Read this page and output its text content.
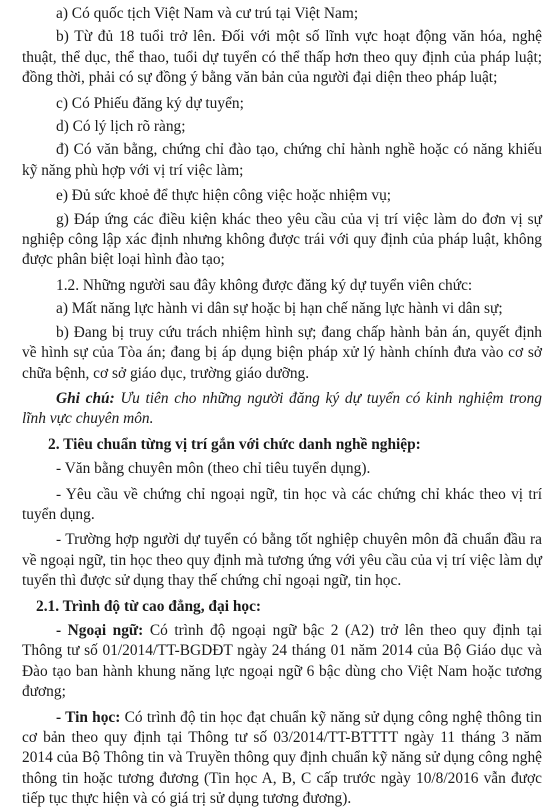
a) Có quốc tịch Việt Nam và cư trú tại Việt Nam;

b) Từ đủ 18 tuổi trở lên. Đối với một số lĩnh vực hoạt động văn hóa, nghệ thuật, thể dục, thể thao, tuổi dự tuyển có thể thấp hơn theo quy định của pháp luật; đồng thời, phải có sự đồng ý bằng văn bản của người đại diện theo pháp luật;

c) Có Phiếu đăng ký dự tuyển;

d) Có lý lịch rõ ràng;

đ) Có văn bằng, chứng chỉ đào tạo, chứng chỉ hành nghề hoặc có năng khiếu kỹ năng phù hợp với vị trí việc làm;

e) Đủ sức khoẻ để thực hiện công việc hoặc nhiệm vụ;

g) Đáp ứng các điều kiện khác theo yêu cầu của vị trí việc làm do đơn vị sự nghiệp công lập xác định nhưng không được trái với quy định của pháp luật, không được phân biệt loại hình đào tạo;

1.2. Những người sau đây không được đăng ký dự tuyển viên chức:

a) Mất năng lực hành vi dân sự hoặc bị hạn chế năng lực hành vi dân sự;

b) Đang bị truy cứu trách nhiệm hình sự; đang chấp hành bản án, quyết định về hình sự của Tòa án; đang bị áp dụng biện pháp xử lý hành chính đưa vào cơ sở chữa bệnh, cơ sở giáo dục, trường giáo dưỡng.

Ghi chú: Ưu tiên cho những người đăng ký dự tuyển có kinh nghiệm trong lĩnh vực chuyên môn.

2. Tiêu chuẩn từng vị trí gắn với chức danh nghề nghiệp:

- Văn bằng chuyên môn (theo chỉ tiêu tuyển dụng).

- Yêu cầu về chứng chỉ ngoại ngữ, tin học và các chứng chỉ khác theo vị trí tuyển dụng.

- Trường hợp người dự tuyển có bằng tốt nghiệp chuyên môn đã chuẩn đầu ra về ngoại ngữ, tin học theo quy định mà tương ứng với yêu cầu của vị trí việc làm dự tuyển thì được sử dụng thay thế chứng chỉ ngoại ngữ, tin học.

2.1. Trình độ từ cao đẳng, đại học:

- Ngoại ngữ: Có trình độ ngoại ngữ bậc 2 (A2) trở lên theo quy định tại Thông tư số 01/2014/TT-BGDĐT ngày 24 tháng 01 năm 2014 của Bộ Giáo dục và Đào tạo ban hành khung năng lực ngoại ngữ 6 bậc dùng cho Việt Nam hoặc tương đương;

- Tin học: Có trình độ tin học đạt chuẩn kỹ năng sử dụng công nghệ thông tin cơ bản theo quy định tại Thông tư số 03/2014/TT-BTTTT ngày 11 tháng 3 năm 2014 của Bộ Thông tin và Truyền thông quy định chuẩn kỹ năng sử dụng công nghệ thông tin hoặc tương đương (Tin học A, B, C cấp trước ngày 10/8/2016 vẫn được tiếp tục thực hiện và có giá trị sử dụng tương đương).
